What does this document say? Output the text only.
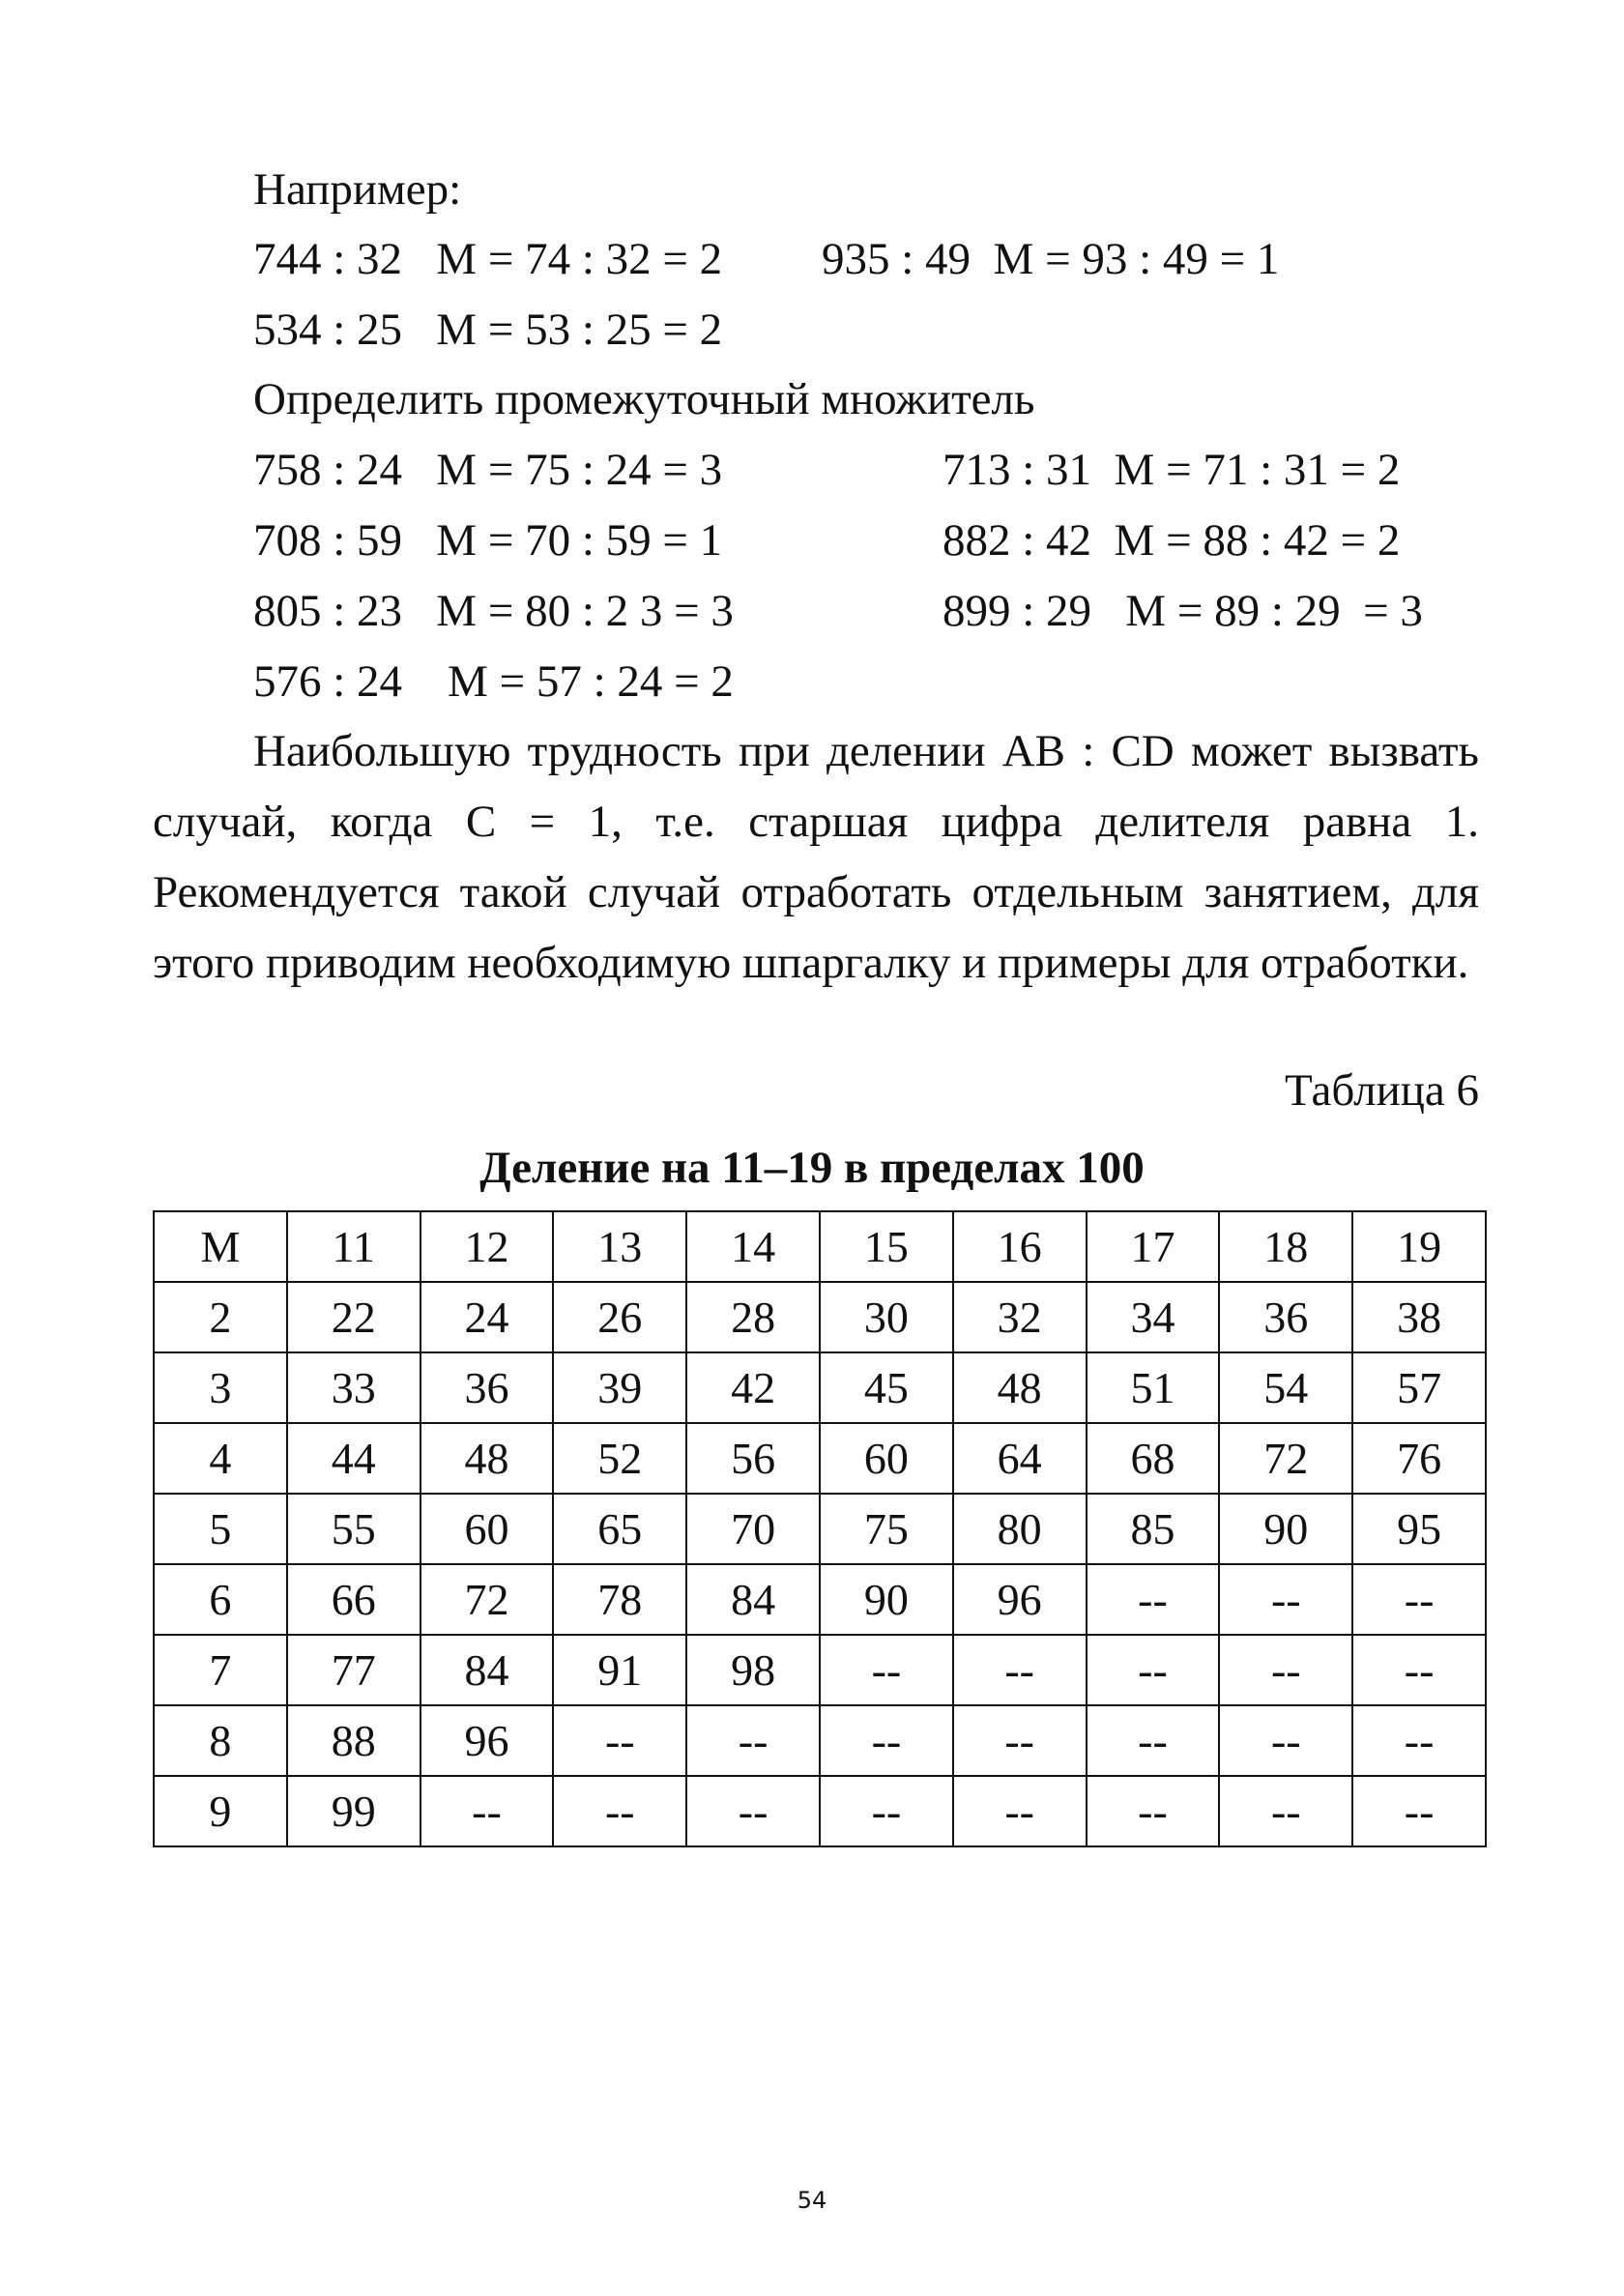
Например:
744 : 32   М = 74 : 32 = 2 935 : 49  М = 93 : 49 = 1
534 : 25   М = 53 : 25 = 2
Определить промежуточный множитель
758 : 24   М = 75 : 24 = 3	713 : 31  М = 71 : 31 = 2
708 : 59   М = 70 : 59 = 1	882 : 42  М = 88 : 42 = 2
805 : 23   М = 80 : 2 3 = 3	899 : 29   М = 89 : 29  = 3
576 : 24    М = 57 : 24 = 2
Наибольшую трудность при делении АВ : СD может вызвать случай, когда С = 1, т.е. старшая цифра делителя равна 1. Рекомендуется такой случай отработать отдельным занятием, для этого приводим необходимую шпаргалку и примеры для отработки.
Таблица 6
Деление на 11–19 в пределах 100
М	11	12	13	14	15	16	17	18	19
2	22	24	26	28	30	32	34	36	38
3	33	36	39	42	45	48	51	54	57
4	44	48	52	56	60	64	68	72	76
5	55	60	65	70	75	80	85	90	95
6	66	72	78	84	90	96	--	--	--
7	77	84	91	98	--	--	--	--	--
8	88	96	--	--	--	--	--	--	--
9	99	--	--	--	--	--	--	--	--
54
